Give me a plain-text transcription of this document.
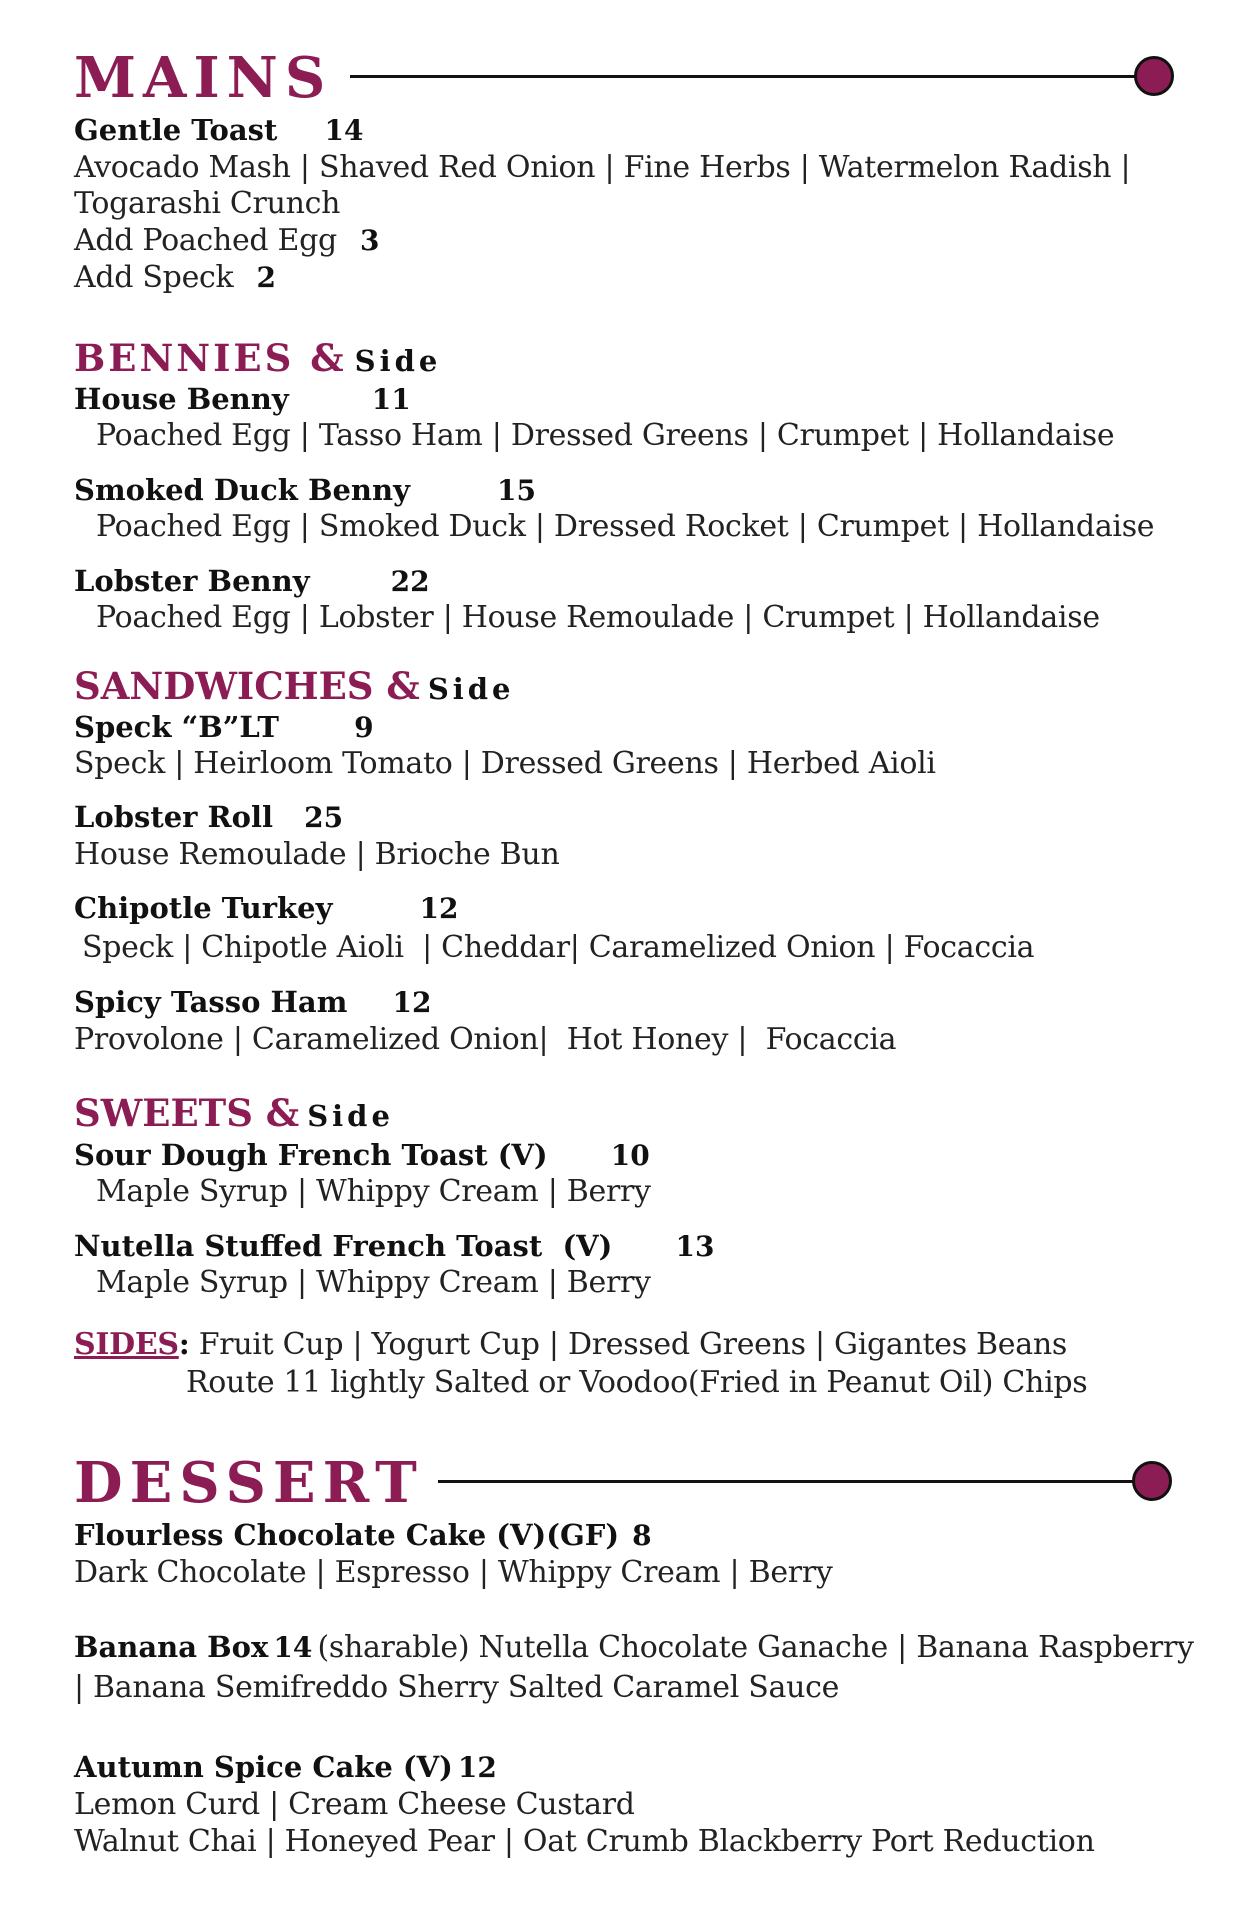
MAINS
Gentle Toast 14
Avocado Mash | Shaved Red Onion | Fine Herbs | Watermelon Radish |
Togarashi Crunch
Add Poached Egg 3
Add Speck 2
BENNIES & Side
House Benny	11
Poached Egg | Tasso Ham | Dressed Greens | Crumpet | Hollandaise
Smoked Duck Benny	15
Poached Egg | Smoked Duck | Dressed Rocket | Crumpet | Hollandaise
Lobster Benny	22
Poached Egg | Lobster | House Remoulade | Crumpet | Hollandaise
SANDWICHES & Side
Speck “B”LT	9
Speck | Heirloom Tomato | Dressed Greens | Herbed Aioli
Lobster Roll 25
House Remoulade | Brioche Bun
Chipotle Turkey	12
Speck | Chipotle Aioli  | Cheddar| Caramelized Onion | Focaccia
Spicy Tasso Ham 12
Provolone | Caramelized Onion|  Hot Honey |  Focaccia
SWEETS & Side
Sour Dough French Toast (V) 10
Maple Syrup | Whippy Cream | Berry
Nutella Stuffed French Toast  (V) 13
Maple Syrup | Whippy Cream | Berry
SIDES: Fruit Cup | Yogurt Cup | Dressed Greens | Gigantes Beans
Route 11 lightly Salted or Voodoo(Fried in Peanut Oil) Chips
DESSERT
Flourless Chocolate Cake (V)(GF) 8
Dark Chocolate | Espresso | Whippy Cream | Berry
Banana Box 14 (sharable) Nutella Chocolate Ganache | Banana Raspberry
| Banana Semifreddo Sherry Salted Caramel Sauce
Autumn Spice Cake (V) 12
Lemon Curd | Cream Cheese Custard
Walnut Chai | Honeyed Pear | Oat Crumb Blackberry Port Reduction
